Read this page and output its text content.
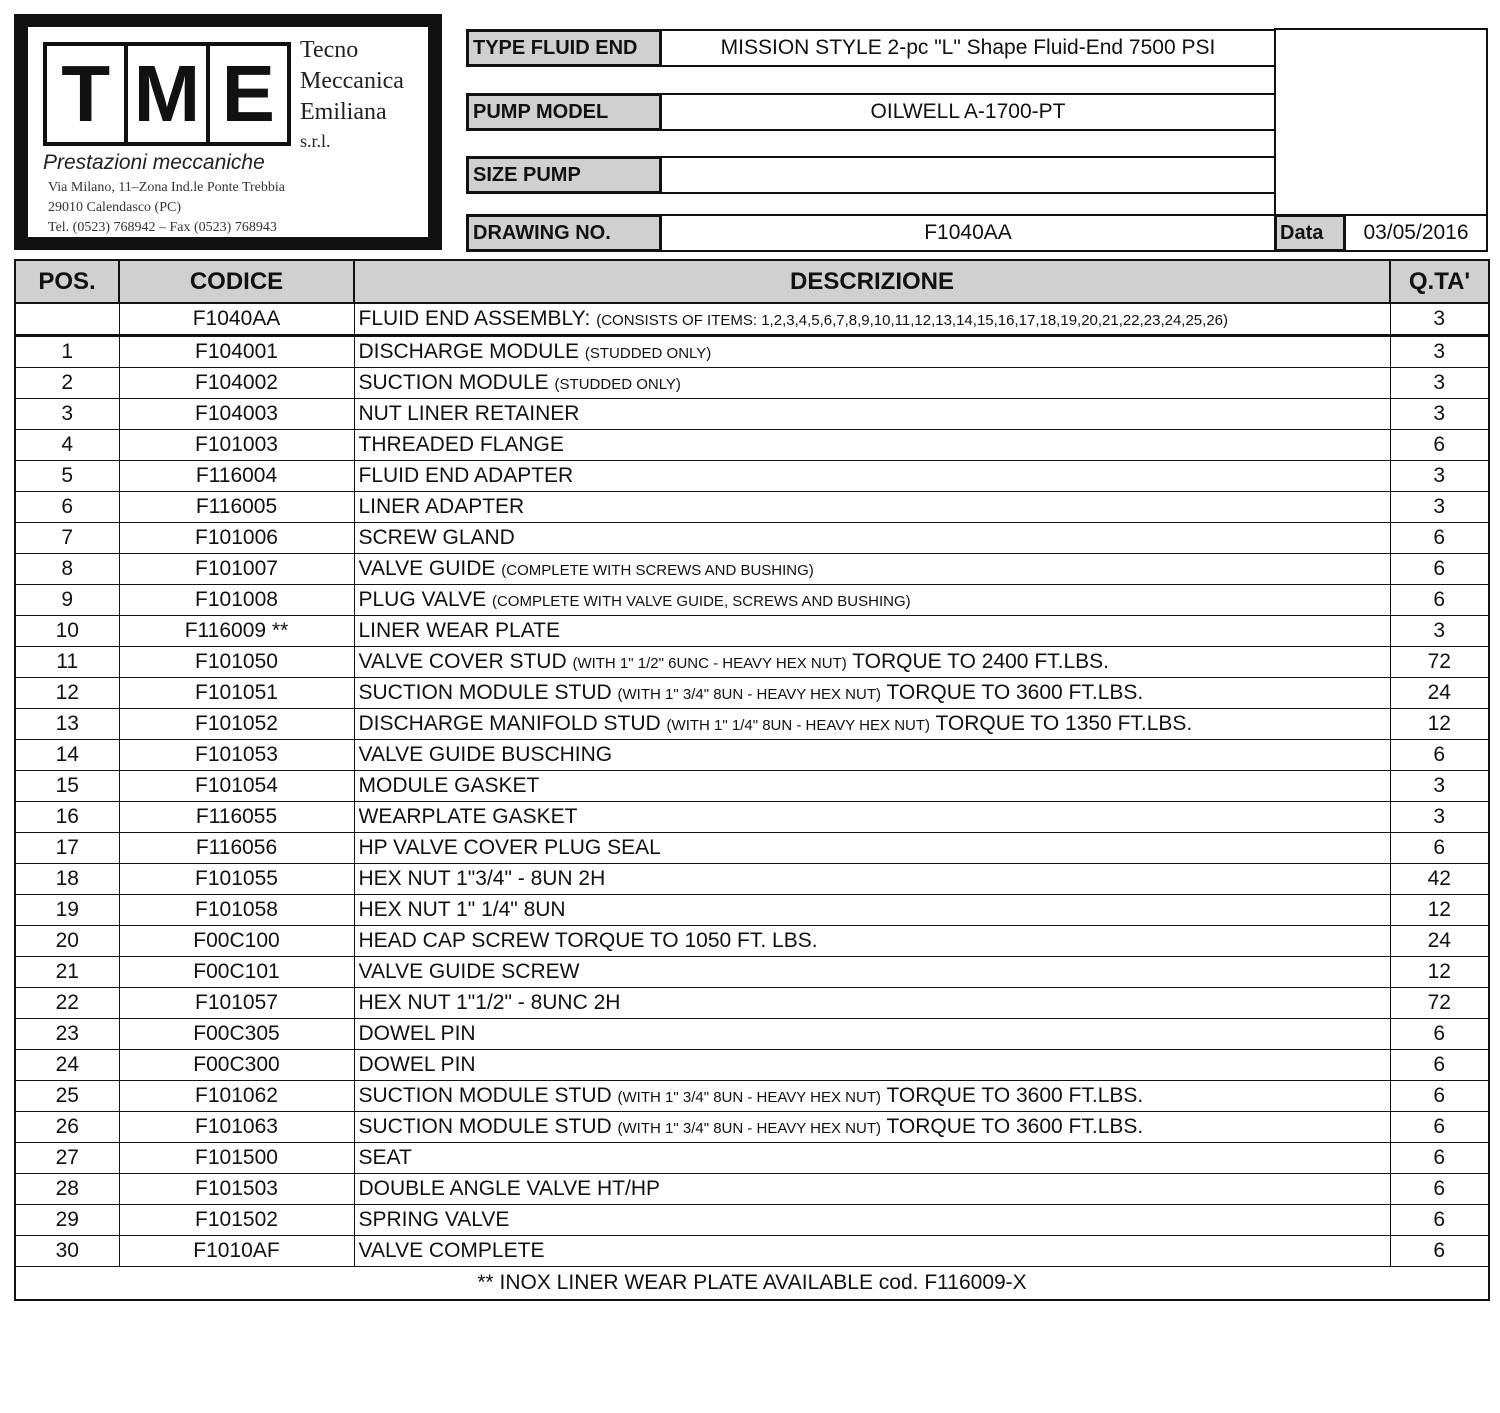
T M E	Tecno
Meccanica
Emiliana
s.r.l.
Prestazioni meccaniche
Via Milano, 11–Zona Ind.le Ponte Trebbia
29010 Calendasco (PC)
Tel. (0523) 768942 – Fax (0523) 768943
TYPE FLUID END	MISSION STYLE 2-pc "L" Shape Fluid-End 7500 PSI
PUMP MODEL	OILWELL A-1700-PT
SIZE PUMP
DRAWING NO.	F1040AA	Data	03/05/2016
POS.	CODICE	DESCRIZIONE	Q.TA'
	F1040AA	FLUID END ASSEMBLY: (CONSISTS OF ITEMS: 1,2,3,4,5,6,7,8,9,10,11,12,13,14,15,16,17,18,19,20,21,22,23,24,25,26)	3
1	F104001	DISCHARGE MODULE (STUDDED ONLY)	3
2	F104002	SUCTION MODULE (STUDDED ONLY)	3
3	F104003	NUT LINER RETAINER	3
4	F101003	THREADED FLANGE	6
5	F116004	FLUID END ADAPTER	3
6	F116005	LINER ADAPTER	3
7	F101006	SCREW GLAND	6
8	F101007	VALVE GUIDE (COMPLETE WITH SCREWS AND BUSHING)	6
9	F101008	PLUG VALVE (COMPLETE WITH VALVE GUIDE, SCREWS AND BUSHING)	6
10	F116009 **	LINER WEAR PLATE	3
11	F101050	VALVE COVER STUD (WITH 1" 1/2" 6UNC - HEAVY HEX NUT) TORQUE TO 2400 FT.LBS.	72
12	F101051	SUCTION MODULE STUD (WITH 1" 3/4" 8UN - HEAVY HEX NUT) TORQUE TO 3600 FT.LBS.	24
13	F101052	DISCHARGE MANIFOLD STUD (WITH 1" 1/4" 8UN - HEAVY HEX NUT) TORQUE TO 1350 FT.LBS.	12
14	F101053	VALVE GUIDE BUSCHING	6
15	F101054	MODULE GASKET	3
16	F116055	WEARPLATE GASKET	3
17	F116056	HP VALVE COVER PLUG SEAL	6
18	F101055	HEX NUT 1"3/4" - 8UN 2H	42
19	F101058	HEX NUT 1" 1/4" 8UN	12
20	F00C100	HEAD CAP SCREW TORQUE TO 1050 FT. LBS.	24
21	F00C101	VALVE GUIDE SCREW	12
22	F101057	HEX NUT 1"1/2" - 8UNC 2H	72
23	F00C305	DOWEL PIN	6
24	F00C300	DOWEL PIN	6
25	F101062	SUCTION MODULE STUD (WITH 1" 3/4" 8UN - HEAVY HEX NUT) TORQUE TO 3600 FT.LBS.	6
26	F101063	SUCTION MODULE STUD (WITH 1" 3/4" 8UN - HEAVY HEX NUT) TORQUE TO 3600 FT.LBS.	6
27	F101500	SEAT	6
28	F101503	DOUBLE ANGLE VALVE HT/HP	6
29	F101502	SPRING VALVE	6
30	F1010AF	VALVE COMPLETE	6
** INOX LINER WEAR PLATE AVAILABLE cod. F116009-X			
